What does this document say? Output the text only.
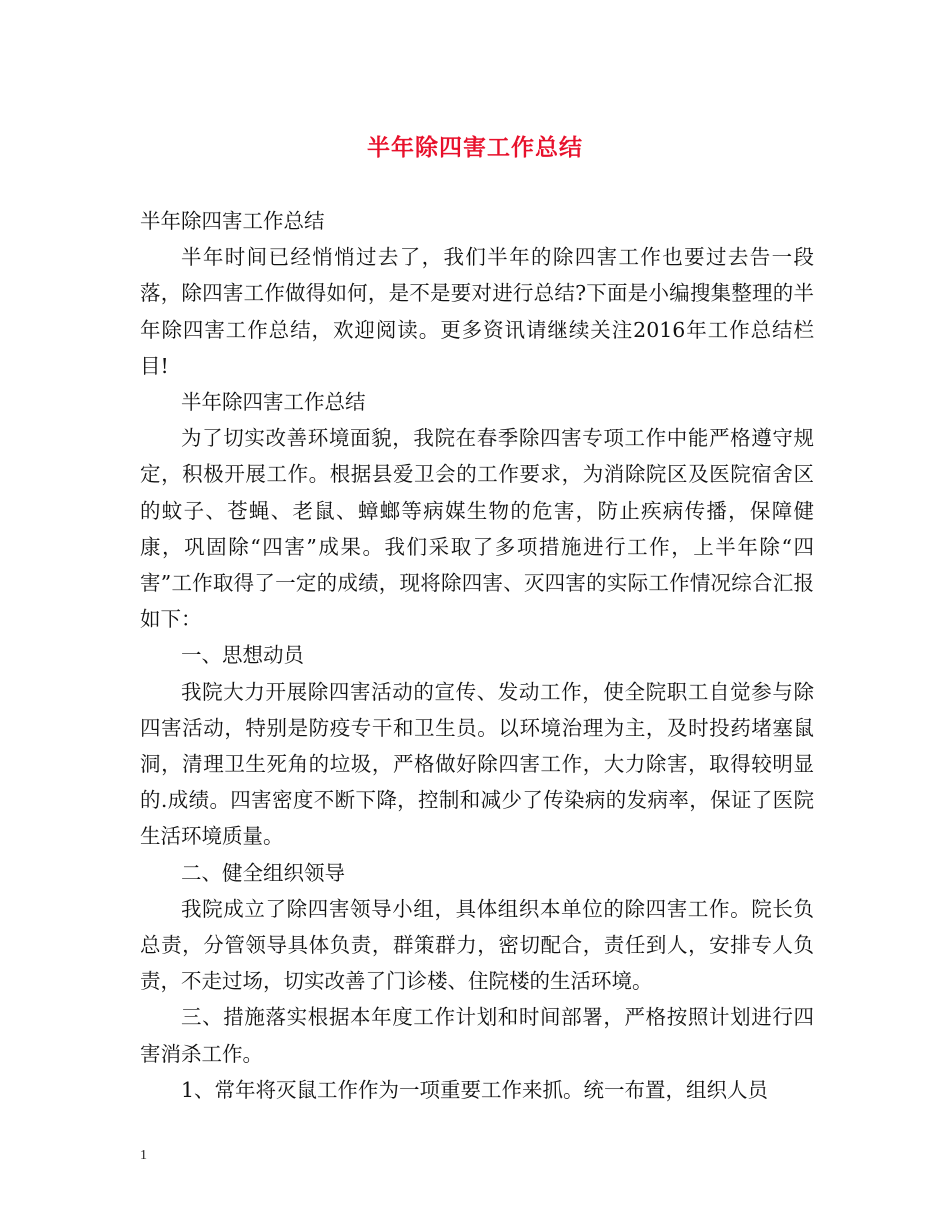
半年除四害工作总结

半年除四害工作总结

半年时间已经悄悄过去了，我们半年的除四害工作也要过去告一段落，除四害工作做得如何，是不是要对进行总结?下面是小编搜集整理的半年除四害工作总结，欢迎阅读。更多资讯请继续关注2016年工作总结栏目!

半年除四害工作总结

为了切实改善环境面貌，我院在春季除四害专项工作中能严格遵守规定，积极开展工作。根据县爱卫会的工作要求，为消除院区及医院宿舍区的蚊子、苍蝇、老鼠、蟑螂等病媒生物的危害，防止疾病传播，保障健康，巩固除“四害”成果。我们采取了多项措施进行工作，上半年除“四害”工作取得了一定的成绩，现将除四害、灭四害的实际工作情况综合汇报如下：

一、思想动员

我院大力开展除四害活动的宣传、发动工作，使全院职工自觉参与除四害活动，特别是防疫专干和卫生员。以环境治理为主，及时投药堵塞鼠洞，清理卫生死角的垃圾，严格做好除四害工作，大力除害，取得较明显的.成绩。四害密度不断下降，控制和减少了传染病的发病率，保证了医院生活环境质量。

二、健全组织领导

我院成立了除四害领导小组，具体组织本单位的除四害工作。院长负总责，分管领导具体负责，群策群力，密切配合，责任到人，安排专人负责，不走过场，切实改善了门诊楼、住院楼的生活环境。

三、措施落实根据本年度工作计划和时间部署，严格按照计划进行四害消杀工作。

1、常年将灭鼠工作作为一项重要工作来抓。统一布置，组织人员

1
